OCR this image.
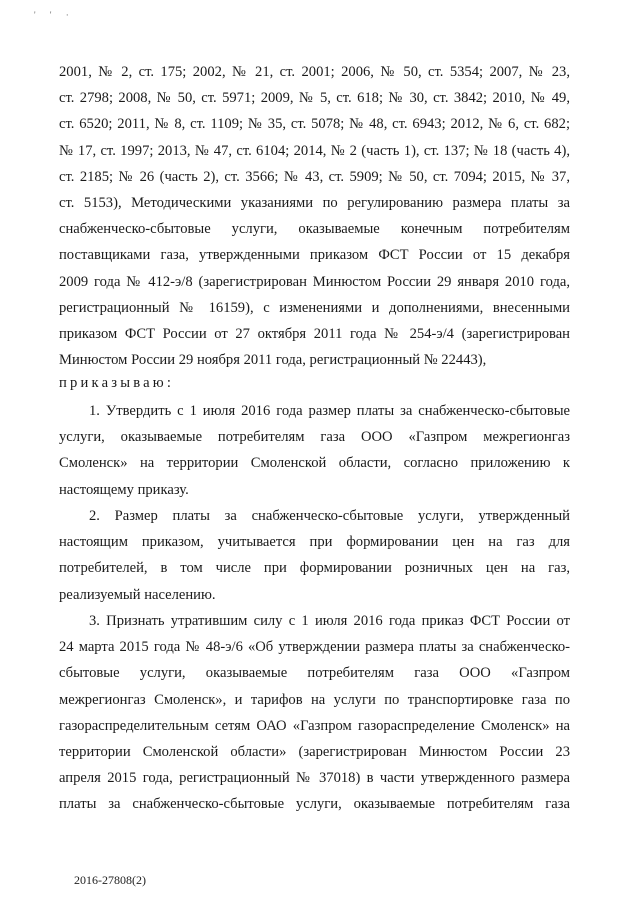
' ' ·
2001, № 2, ст. 175; 2002, № 21, ст. 2001; 2006, № 50, ст. 5354; 2007, № 23,
ст. 2798; 2008, № 50, ст. 5971; 2009, № 5, ст. 618; № 30, ст. 3842; 2010, № 49,
ст. 6520; 2011, № 8, ст. 1109; № 35, ст. 5078; № 48, ст. 6943; 2012, № 6, ст. 682;
№ 17, ст. 1997; 2013, № 47, ст. 6104; 2014, № 2 (часть 1), ст. 137; № 18 (часть 4),
ст. 2185; № 26 (часть 2), ст. 3566; № 43, ст. 5909; № 50, ст. 7094; 2015, № 37,
ст. 5153), Методическими указаниями по регулированию размера платы за
снабженческо-сбытовые услуги, оказываемые конечным потребителям
поставщиками газа, утвержденными приказом ФСТ России от 15 декабря
2009 года № 412-э/8 (зарегистрирован Минюстом России 29 января 2010 года,
регистрационный № 16159), с изменениями и дополнениями, внесенными
приказом ФСТ России от 27 октября 2011 года № 254-э/4 (зарегистрирован
Минюстом России 29 ноября 2011 года, регистрационный № 22443),
приказываю:
1. Утвердить с 1 июля 2016 года размер платы за снабженческо-сбытовые
услуги, оказываемые потребителям газа ООО «Газпром межрегионгаз
Смоленск» на территории Смоленской области, согласно приложению к
настоящему приказу.
2. Размер платы за снабженческо-сбытовые услуги, утвержденный
настоящим приказом, учитывается при формировании цен на газ для
потребителей, в том числе при формировании розничных цен на газ,
реализуемый населению.
3. Признать утратившим силу с 1 июля 2016 года приказ ФСТ России от
24 марта 2015 года № 48-э/6 «Об утверждении размера платы за снабженческо-
сбытовые услуги, оказываемые потребителям газа ООО «Газпром
межрегионгаз Смоленск», и тарифов на услуги по транспортировке газа по
газораспределительным сетям ОАО «Газпром газораспределение Смоленск» на
территории Смоленской области» (зарегистрирован Минюстом России 23
апреля 2015 года, регистрационный № 37018) в части утвержденного размера
платы за снабженческо-сбытовые услуги, оказываемые потребителям газа
2016-27808(2)
